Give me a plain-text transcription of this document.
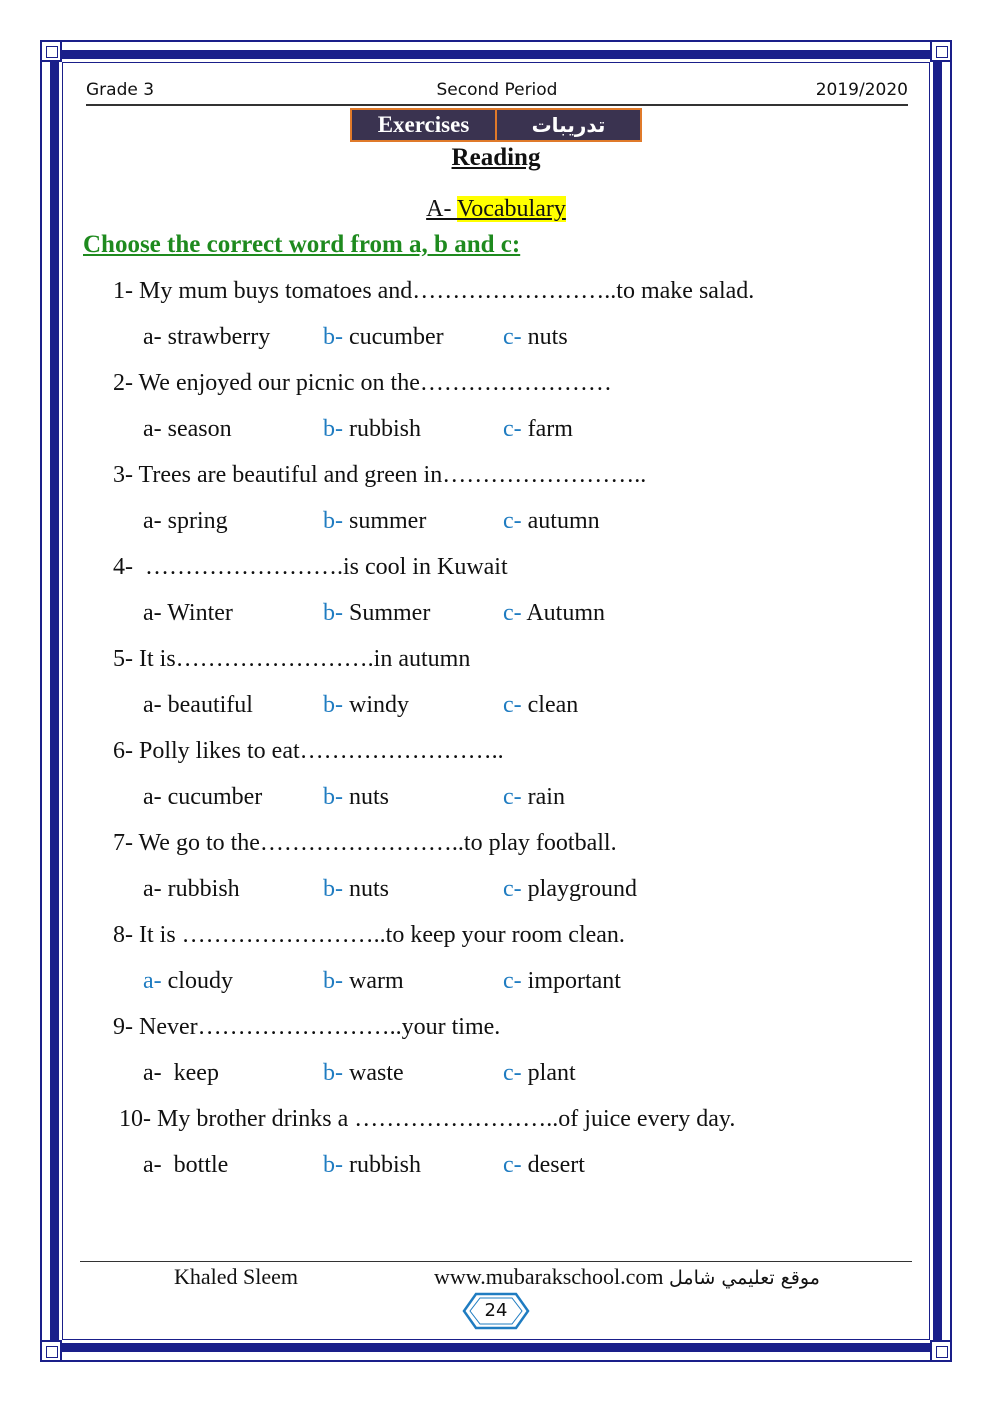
Grade 3	Second Period	2019/2020
Exercises	تدريبات
Reading
A- Vocabulary
Choose the correct word from a, b and c:
1- My mum buys tomatoes and……………………..to make salad.
a- strawberry b- cucumber c- nuts
2- We enjoyed our picnic on the……………………
a- season	b- rubbish	c- farm
3- Trees are beautiful and green in……………………..
a- spring	b- summer	c- autumn
4-  …………………….is cool in Kuwait
a- Winter	b- Summer	c- Autumn
5- It is…………………….in autumn
a- beautiful	b- windy	c- clean
6- Polly likes to eat……………………..
a- cucumber	b- nuts	c- rain
7- We go to the……………………..to play football.
a- rubbish	b- nuts	c- playground
8- It is ……………………..to keep your room clean.
a- cloudy	b- warm	c- important
9- Never……………………..your time.
a-  keep	b- waste	c- plant
10- My brother drinks a ……………………..of juice every day.
a-  bottle	b- rubbish	c- desert
Khaled Sleem	www.mubarakschool.com موقع تعليمي شامل
24
